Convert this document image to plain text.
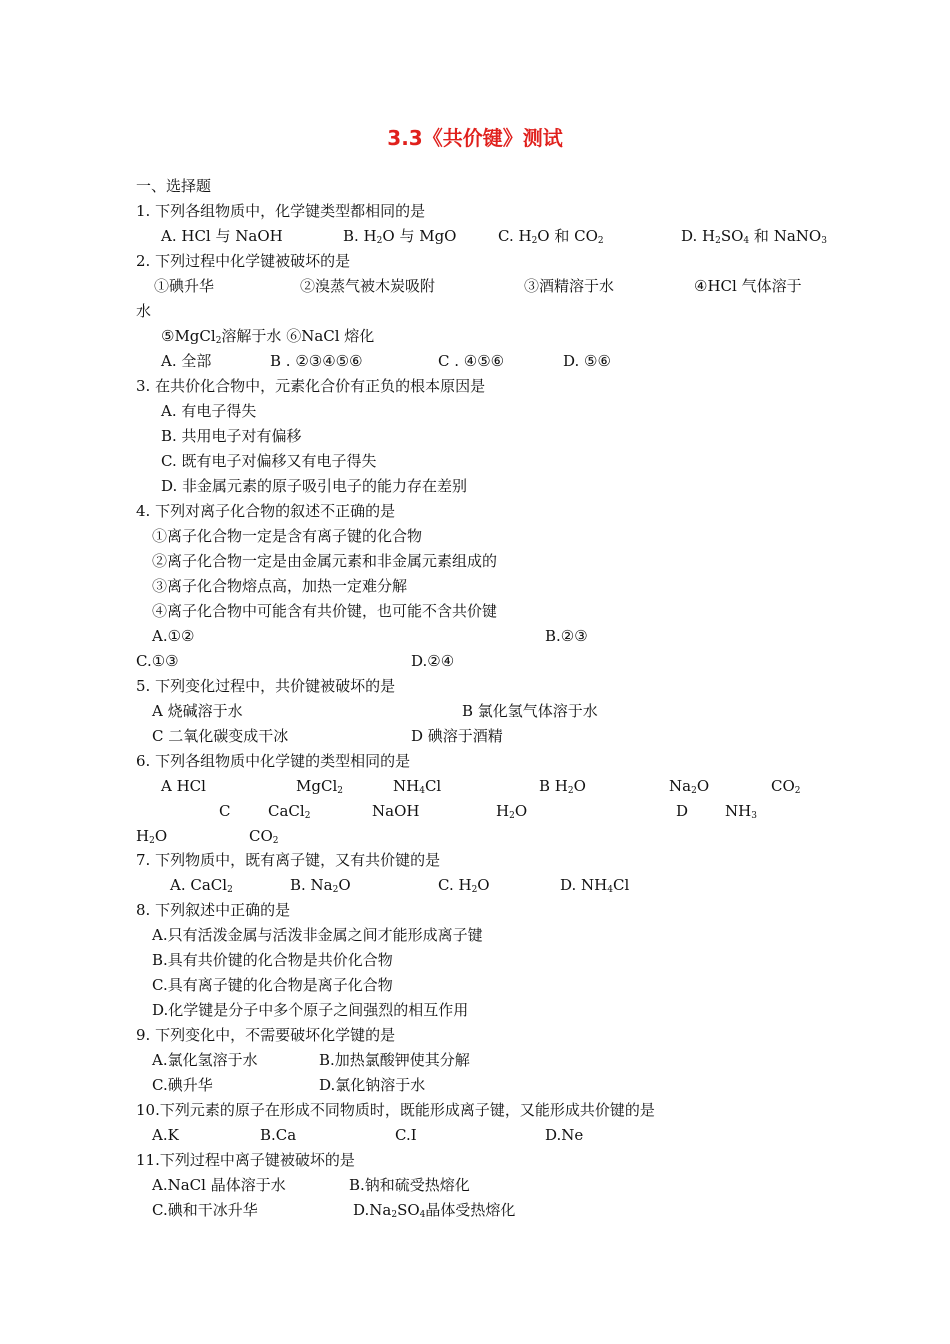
3.3《共价键》测试
一、选择题
1. 下列各组物质中，化学键类型都相同的是
A. HCl 与 NaOH	B. $H_2O$ 与 MgO	C. $H_2O$ 和 $CO_2$	D. $H_2SO_4$ 和 NaNO$_3$
2. 下列过程中化学键被破坏的是
①碘升华	②溴蒸气被木炭吸附	③酒精溶于水	④HCl 气体溶于
水
⑤MgCl$_2$溶解于水 ⑥NaCl 熔化
A. 全部	B . ②③④⑤⑥	C . ④⑤⑥	D. ⑤⑥
3. 在共价化合物中，元素化合价有正负的根本原因是
A. 有电子得失
B. 共用电子对有偏移
C. 既有电子对偏移又有电子得失
D. 非金属元素的原子吸引电子的能力存在差别
4. 下列对离子化合物的叙述不正确的是
①离子化合物一定是含有离子键的化合物
②离子化合物一定是由金属元素和非金属元素组成的
③离子化合物熔点高，加热一定难分解
④离子化合物中可能含有共价键，也可能不含共价键
A.①②	B.②③
C.①③	D.②④
5. 下列变化过程中，共价键被破坏的是
A 烧碱溶于水	B 氯化氢气体溶于水
C 二氧化碳变成干冰	D 碘溶于酒精
6. 下列各组物质中化学键的类型相同的是
A HCl	MgCl$_2$	$NH_4Cl$	B $H_2O$	$Na_2O$	$CO_2$
C	CaCl$_2$	NaOH	$H_2O$	D $NH_3$
$H_2O$	$CO_2$
7. 下列物质中，既有离子键，又有共价键的是
A. CaCl$_2$	B. $Na_2O$	C. $H_2O$	D. $NH_4Cl$
8. 下列叙述中正确的是
A.只有活泼金属与活泼非金属之间才能形成离子键
B.具有共价键的化合物是共价化合物
C.具有离子键的化合物是离子化合物
D.化学键是分子中多个原子之间强烈的相互作用
9. 下列变化中，不需要破坏化学键的是
A.氯化氢溶于水	B.加热氯酸钾使其分解
C.碘升华	D.氯化钠溶于水
10.下列元素的原子在形成不同物质时，既能形成离子键，又能形成共价键的是
A.K	B.Ca	C.I	D.Ne
11.下列过程中离子键被破坏的是
A.NaCl 晶体溶于水	B.钠和硫受热熔化
C.碘和干冰升华	$D.Na_2SO_4$晶体受热熔化
